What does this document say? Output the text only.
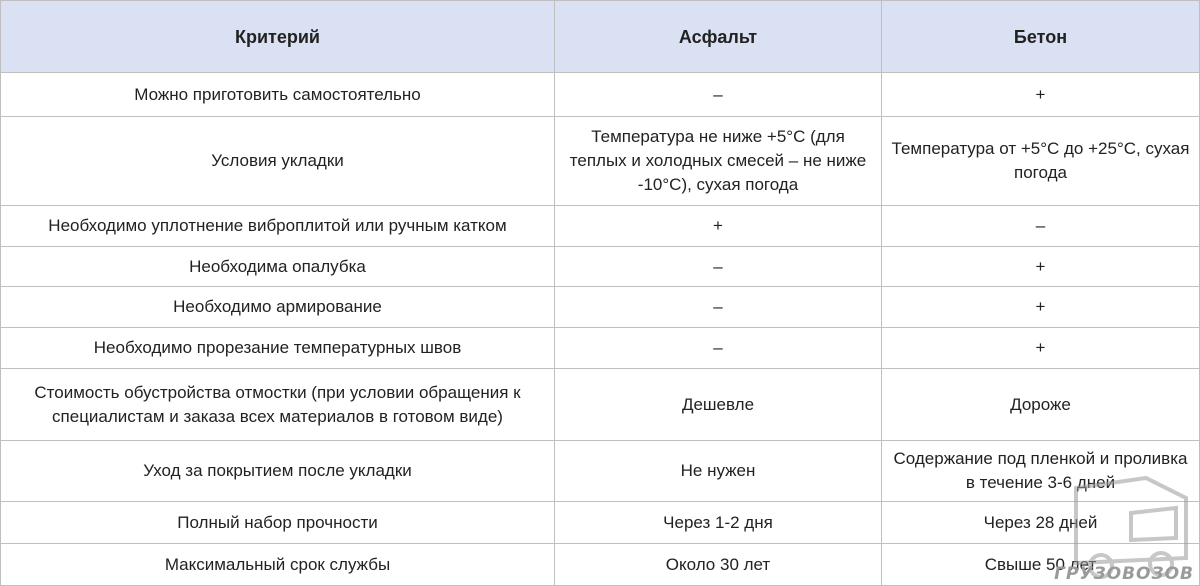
Критерий	Асфальт	Бетон
Можно приготовить самостоятельно	–	+
Условия укладки	Температура не ниже +5°С (для теплых и холодных смесей – не ниже -10°С), сухая погода	Температура от +5°С до +25°С, сухая погода
Необходимо уплотнение виброплитой или ручным катком	+	–
Необходима опалубка	–	+
Необходимо армирование	–	+
Необходимо прорезание температурных швов	–	+
Стоимость обустройства отмостки (при условии обращения к специалистам и заказа всех материалов в готовом виде)	Дешевле	Дороже
Уход за покрытием после укладки	Не нужен	Содержание под пленкой и проливка в течение 3-6 дней
Полный набор прочности	Через 1-2 дня	Через 28 дней
Максимальный срок службы	Около 30 лет	Свыше 50 лет
ГРУЗОВОЗОВ
